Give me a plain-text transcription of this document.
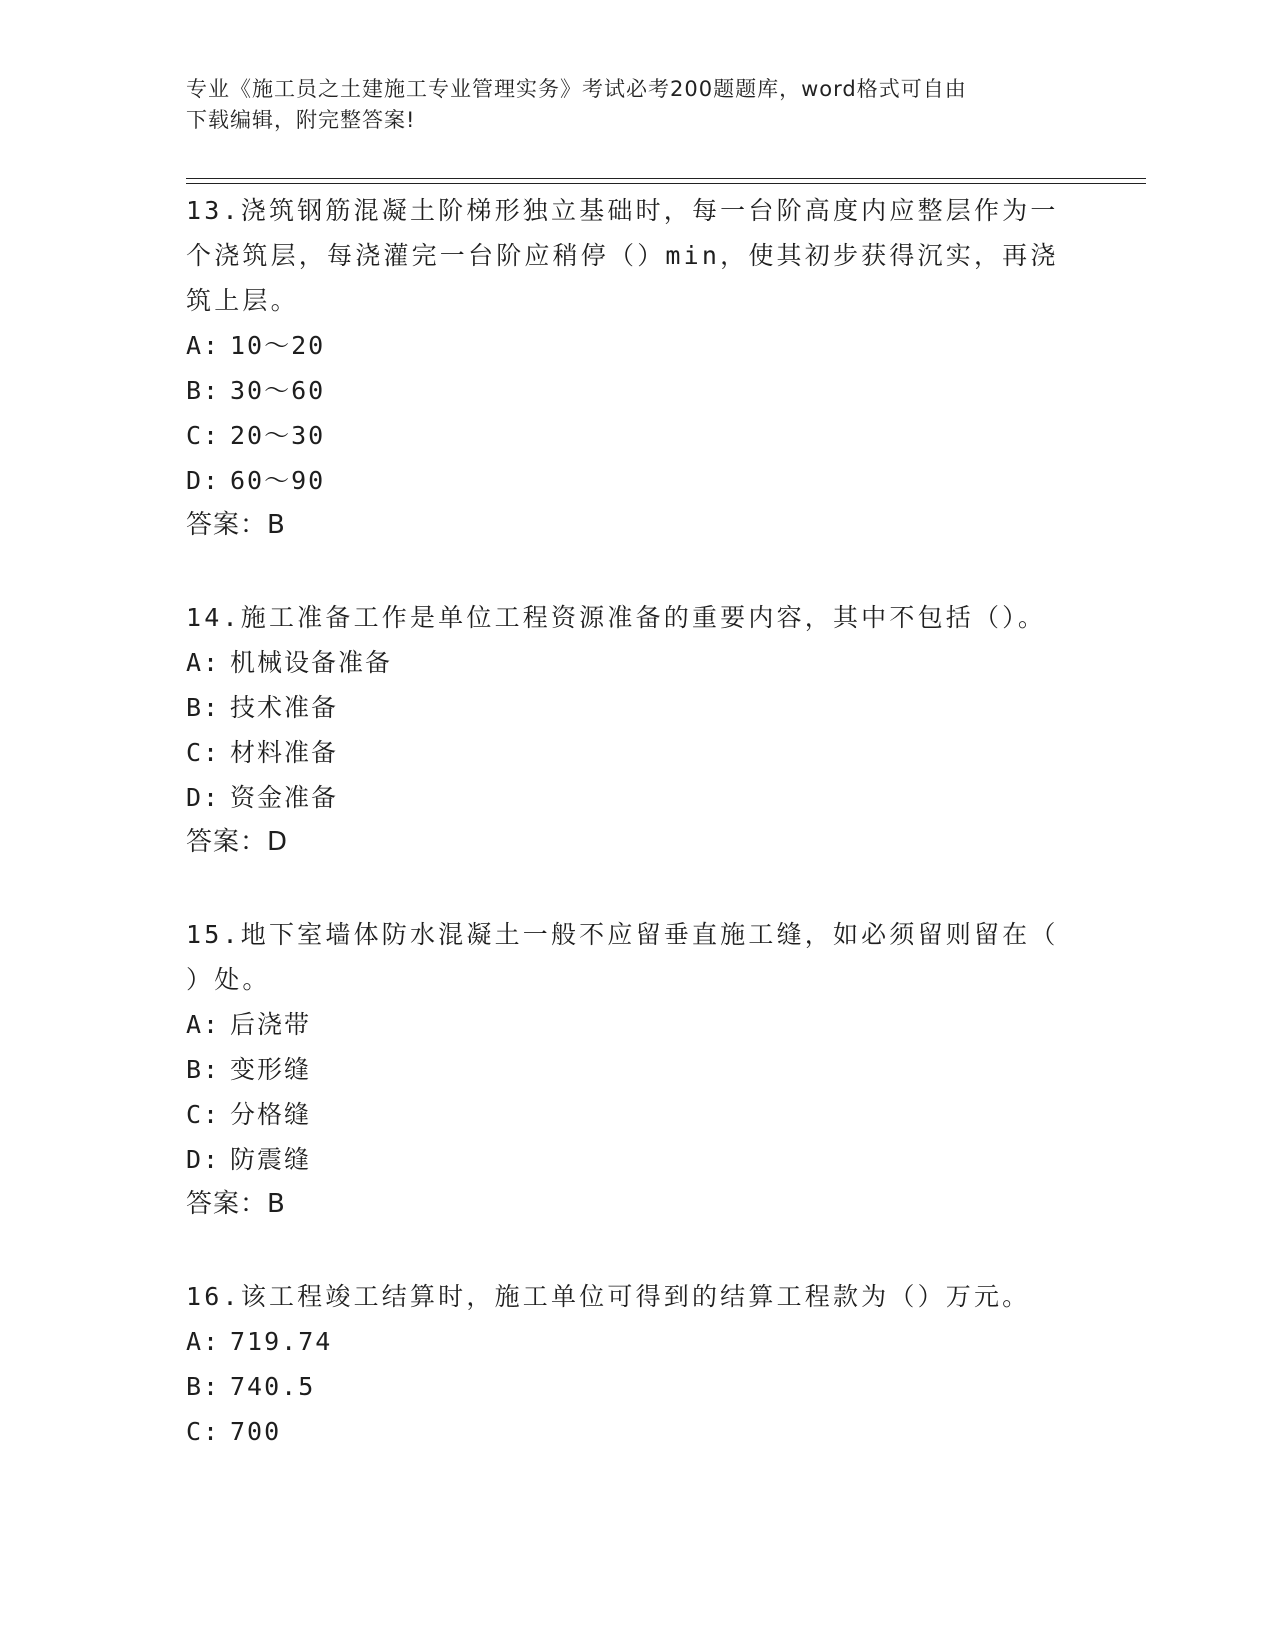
专业《施工员之土建施工专业管理实务》考试必考200题题库，word格式可自由
下载编辑，附完整答案!
13.浇筑钢筋混凝土阶梯形独立基础时，每一台阶高度内应整层作为一
个浇筑层，每浇灌完一台阶应稍停（）min，使其初步获得沉实，再浇
筑上层。
A: 10～20
B: 30～60
C: 20～30
D: 60～90
答案：B
14.施工准备工作是单位工程资源准备的重要内容，其中不包括（）。
A: 机械设备准备
B: 技术准备
C: 材料准备
D: 资金准备
答案：D
15.地下室墙体防水混凝土一般不应留垂直施工缝，如必须留则留在（
）处。
A: 后浇带
B: 变形缝
C: 分格缝
D: 防震缝
答案：B
16.该工程竣工结算时，施工单位可得到的结算工程款为（）万元。
A: 719.74
B: 740.5
C: 700
